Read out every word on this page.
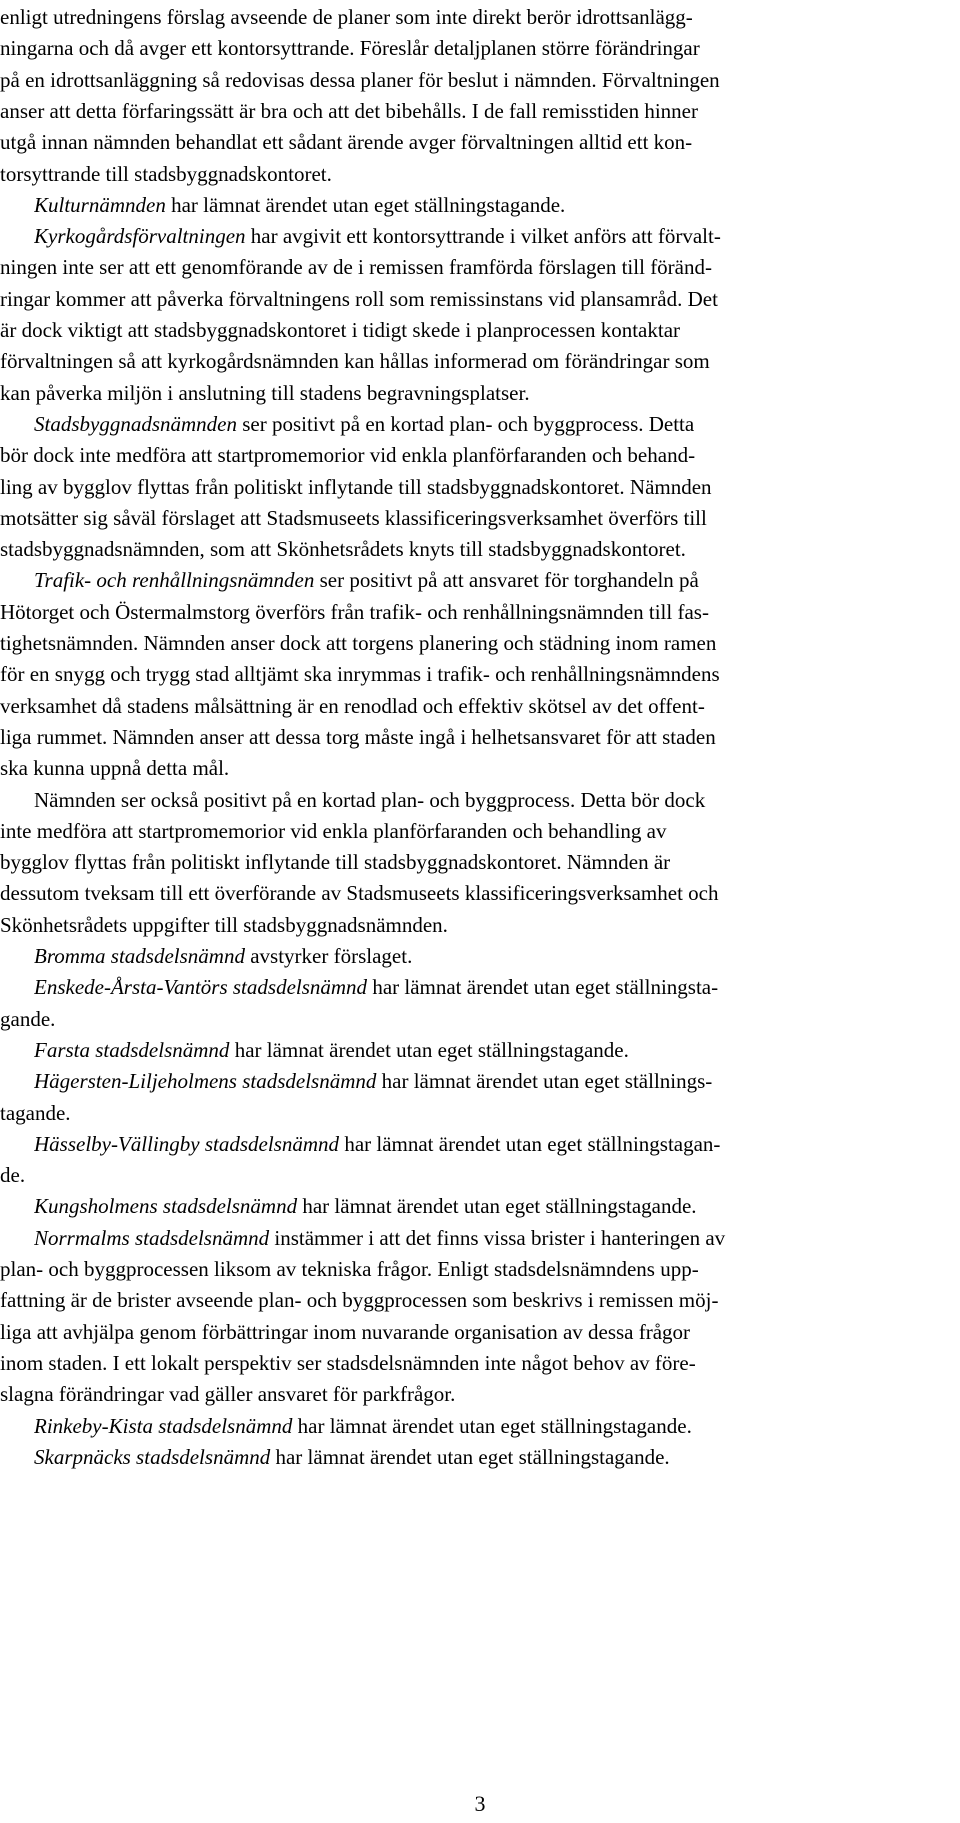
enligt utredningens förslag avseende de planer som inte direkt berör idrottsanlägg-
ningarna och då avger ett kontorsyttrande. Föreslår detaljplanen större förändringar
på en idrottsanläggning så redovisas dessa planer för beslut i nämnden. Förvaltningen
anser att detta förfaringssätt är bra och att det bibehålls. I de fall remisstiden hinner
utgå innan nämnden behandlat ett sådant ärende avger förvaltningen alltid ett kon-
torsyttrande till stadsbyggnadskontoret.
Kulturnämnden har lämnat ärendet utan eget ställningstagande.
Kyrkogårdsförvaltningen har avgivit ett kontorsyttrande i vilket anförs att förvalt-
ningen inte ser att ett genomförande av de i remissen framförda förslagen till föränd-
ringar kommer att påverka förvaltningens roll som remissinstans vid plansamråd. Det
är dock viktigt att stadsbyggnadskontoret i tidigt skede i planprocessen kontaktar
förvaltningen så att kyrkogårdsnämnden kan hållas informerad om förändringar som
kan påverka miljön i anslutning till stadens begravningsplatser.
Stadsbyggnadsnämnden ser positivt på en kortad plan- och byggprocess. Detta
bör dock inte medföra att startpromemorior vid enkla planförfaranden och behand-
ling av bygglov flyttas från politiskt inflytande till stadsbyggnadskontoret. Nämnden
motsätter sig såväl förslaget att Stadsmuseets klassificeringsverksamhet överförs till
stadsbyggnadsnämnden, som att Skönhetsrådets knyts till stadsbyggnadskontoret.
Trafik- och renhållningsnämnden ser positivt på att ansvaret för torghandeln på
Hötorget och Östermalmstorg överförs från trafik- och renhållningsnämnden till fas-
tighetsnämnden. Nämnden anser dock att torgens planering och städning inom ramen
för en snygg och trygg stad alltjämt ska inrymmas i trafik- och renhållningsnämndens
verksamhet då stadens målsättning är en renodlad och effektiv skötsel av det offent-
liga rummet. Nämnden anser att dessa torg måste ingå i helhetsansvaret för att staden
ska kunna uppnå detta mål.
Nämnden ser också positivt på en kortad plan- och byggprocess. Detta bör dock
inte medföra att startpromemorior vid enkla planförfaranden och behandling av
bygglov flyttas från politiskt inflytande till stadsbyggnadskontoret. Nämnden är
dessutom tveksam till ett överförande av Stadsmuseets klassificeringsverksamhet och
Skönhetsrådets uppgifter till stadsbyggnadsnämnden.
Bromma stadsdelsnämnd avstyrker förslaget.
Enskede-Årsta-Vantörs stadsdelsnämnd har lämnat ärendet utan eget ställningsta-
gande.
Farsta stadsdelsnämnd har lämnat ärendet utan eget ställningstagande.
Hägersten-Liljeholmens stadsdelsnämnd har lämnat ärendet utan eget ställnings-
tagande.
Hässelby-Vällingby stadsdelsnämnd har lämnat ärendet utan eget ställningstagan-
de.
Kungsholmens stadsdelsnämnd har lämnat ärendet utan eget ställningstagande.
Norrmalms stadsdelsnämnd instämmer i att det finns vissa brister i hanteringen av
plan- och byggprocessen liksom av tekniska frågor. Enligt stadsdelsnämndens upp-
fattning är de brister avseende plan- och byggprocessen som beskrivs i remissen möj-
liga att avhjälpa genom förbättringar inom nuvarande organisation av dessa frågor
inom staden. I ett lokalt perspektiv ser stadsdelsnämnden inte något behov av före-
slagna förändringar vad gäller ansvaret för parkfrågor.
Rinkeby-Kista stadsdelsnämnd har lämnat ärendet utan eget ställningstagande.
Skarpnäcks stadsdelsnämnd har lämnat ärendet utan eget ställningstagande.
3
